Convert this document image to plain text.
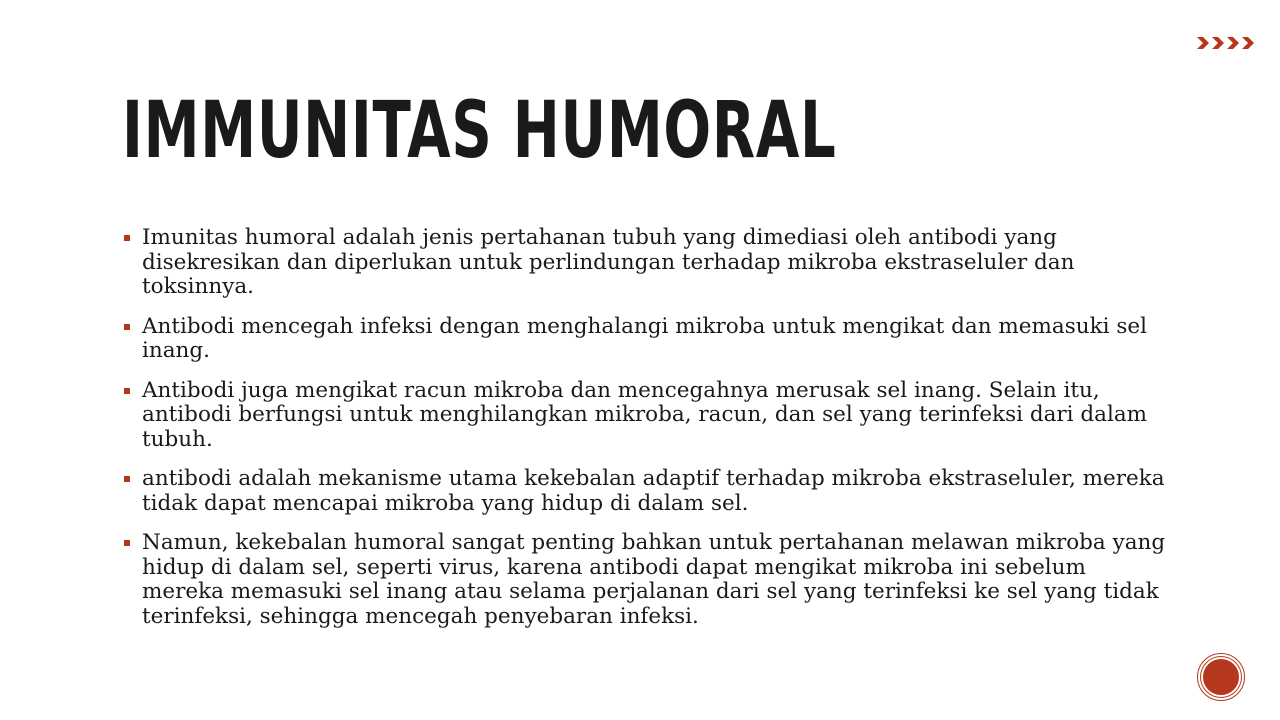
IMMUNITAS HUMORAL
Imunitas humoral adalah jenis pertahanan tubuh yang dimediasi oleh antibodi yang disekresikan dan diperlukan untuk perlindungan terhadap mikroba ekstraseluler dan toksinnya.
Antibodi mencegah infeksi dengan menghalangi mikroba untuk mengikat dan memasuki sel inang.
Antibodi juga mengikat racun mikroba dan mencegahnya merusak sel inang. Selain itu, antibodi berfungsi untuk menghilangkan mikroba, racun, dan sel yang terinfeksi dari dalam tubuh.
antibodi adalah mekanisme utama kekebalan adaptif terhadap mikroba ekstraseluler, mereka tidak dapat mencapai mikroba yang hidup di dalam sel.
Namun, kekebalan humoral sangat penting bahkan untuk pertahanan melawan mikroba yang hidup di dalam sel, seperti virus, karena antibodi dapat mengikat mikroba ini sebelum mereka memasuki sel inang atau selama perjalanan dari sel yang terinfeksi ke sel yang tidak terinfeksi, sehingga mencegah penyebaran infeksi.
